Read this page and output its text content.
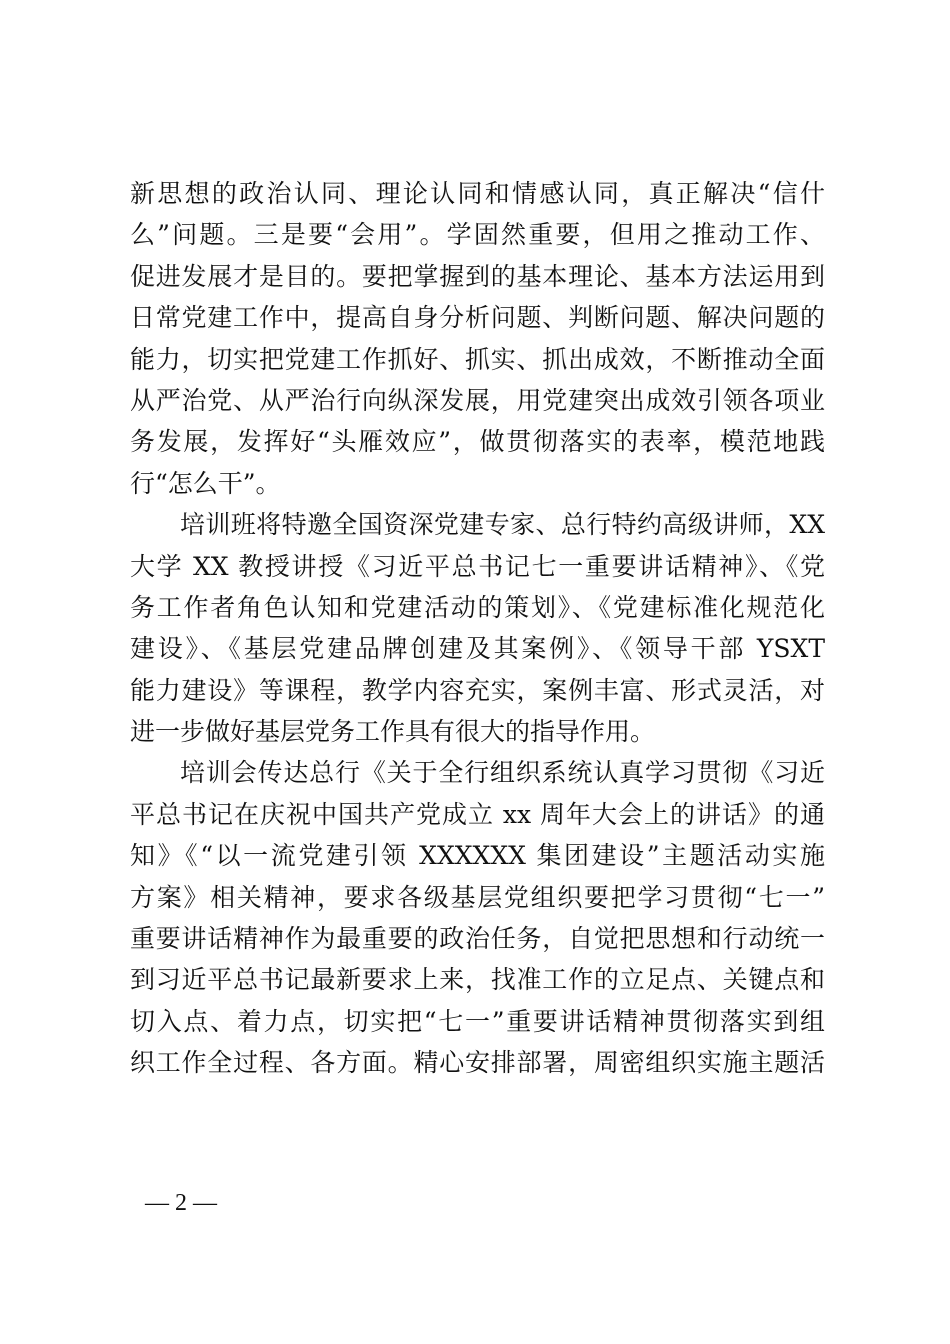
新思想的政治认同、理论认同和情感认同，真正解决“信什
么”问题。三是要“会用”。学固然重要，但用之推动工作、
促进发展才是目的。要把掌握到的基本理论、基本方法运用到
日常党建工作中，提高自身分析问题、判断问题、解决问题的
能力，切实把党建工作抓好、抓实、抓出成效，不断推动全面
从严治党、从严治行向纵深发展，用党建突出成效引领各项业
务发展，发挥好“头雁效应”，做贯彻落实的表率，模范地践
行“怎么干”。
培训班将特邀全国资深党建专家、总行特约高级讲师，XX
大学 XX 教授讲授《习近平总书记七一重要讲话精神》、《党
务工作者角色认知和党建活动的策划》、《党建标准化规范化
建设》、《基层党建品牌创建及其案例》、《领导干部 YSXT
能力建设》等课程，教学内容充实，案例丰富、形式灵活，对
进一步做好基层党务工作具有很大的指导作用。
培训会传达总行《关于全行组织系统认真学习贯彻《习近
平总书记在庆祝中国共产党成立 xx 周年大会上的讲话》的通
知》《“以一流党建引领 XXXXXX 集团建设”主题活动实施
方案》相关精神，要求各级基层党组织要把学习贯彻“七一”
重要讲话精神作为最重要的政治任务，自觉把思想和行动统一
到习近平总书记最新要求上来，找准工作的立足点、关键点和
切入点、着力点，切实把“七一”重要讲话精神贯彻落实到组
织工作全过程、各方面。精心安排部署，周密组织实施主题活
— 2 —
